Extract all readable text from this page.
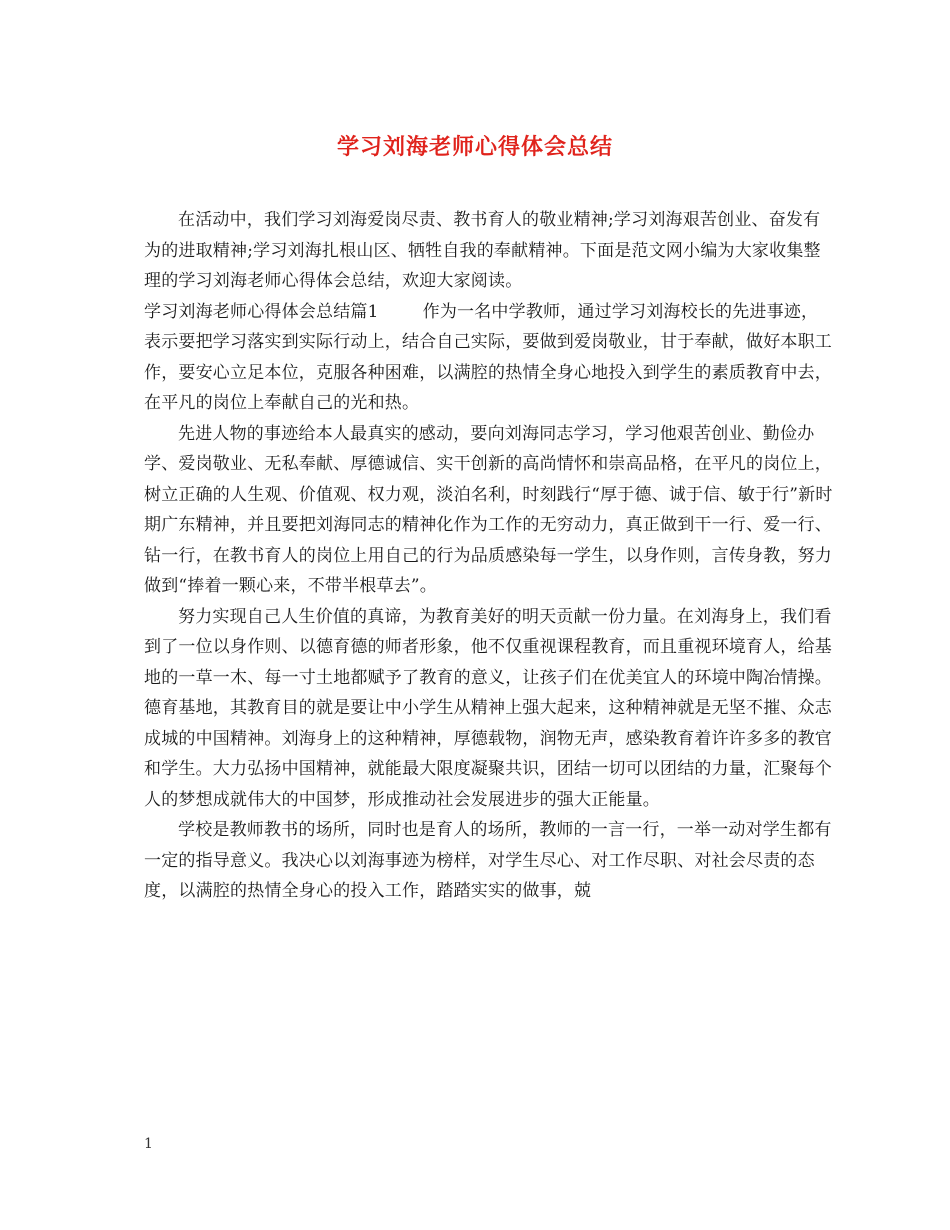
学习刘海老师心得体会总结

在活动中，我们学习刘海爱岗尽责、教书育人的敬业精神;学习刘海艰苦创业、奋发有为的进取精神;学习刘海扎根山区、牺牲自我的奉献精神。下面是范文网小编为大家收集整理的学习刘海老师心得体会总结，欢迎大家阅读。

学习刘海老师心得体会总结篇1	作为一名中学教师，通过学习刘海校长的先进事迹，表示要把学习落实到实际行动上，结合自己实际，要做到爱岗敬业，甘于奉献，做好本职工作，要安心立足本位，克服各种困难，以满腔的热情全身心地投入到学生的素质教育中去，在平凡的岗位上奉献自己的光和热。

先进人物的事迹给本人最真实的感动，要向刘海同志学习，学习他艰苦创业、勤俭办学、爱岗敬业、无私奉献、厚德诚信、实干创新的高尚情怀和崇高品格，在平凡的岗位上，树立正确的人生观、价值观、权力观，淡泊名利，时刻践行“厚于德、诚于信、敏于行”新时期广东精神，并且要把刘海同志的精神化作为工作的无穷动力，真正做到干一行、爱一行、钻一行，在教书育人的岗位上用自己的行为品质感染每一学生，以身作则，言传身教，努力做到“捧着一颗心来，不带半根草去”。

努力实现自己人生价值的真谛，为教育美好的明天贡献一份力量。在刘海身上，我们看到了一位以身作则、以德育德的师者形象，他不仅重视课程教育，而且重视环境育人，给基地的一草一木、每一寸土地都赋予了教育的意义，让孩子们在优美宜人的环境中陶冶情操。德育基地，其教育目的就是要让中小学生从精神上强大起来，这种精神就是无坚不摧、众志成城的中国精神。刘海身上的这种精神，厚德载物，润物无声，感染教育着许许多多的教官和学生。大力弘扬中国精神，就能最大限度凝聚共识，团结一切可以团结的力量，汇聚每个人的梦想成就伟大的中国梦，形成推动社会发展进步的强大正能量。

学校是教师教书的场所，同时也是育人的场所，教师的一言一行，一举一动对学生都有一定的指导意义。我决心以刘海事迹为榜样，对学生尽心、对工作尽职、对社会尽责的态度，以满腔的热情全身心的投入工作，踏踏实实的做事，兢

1
